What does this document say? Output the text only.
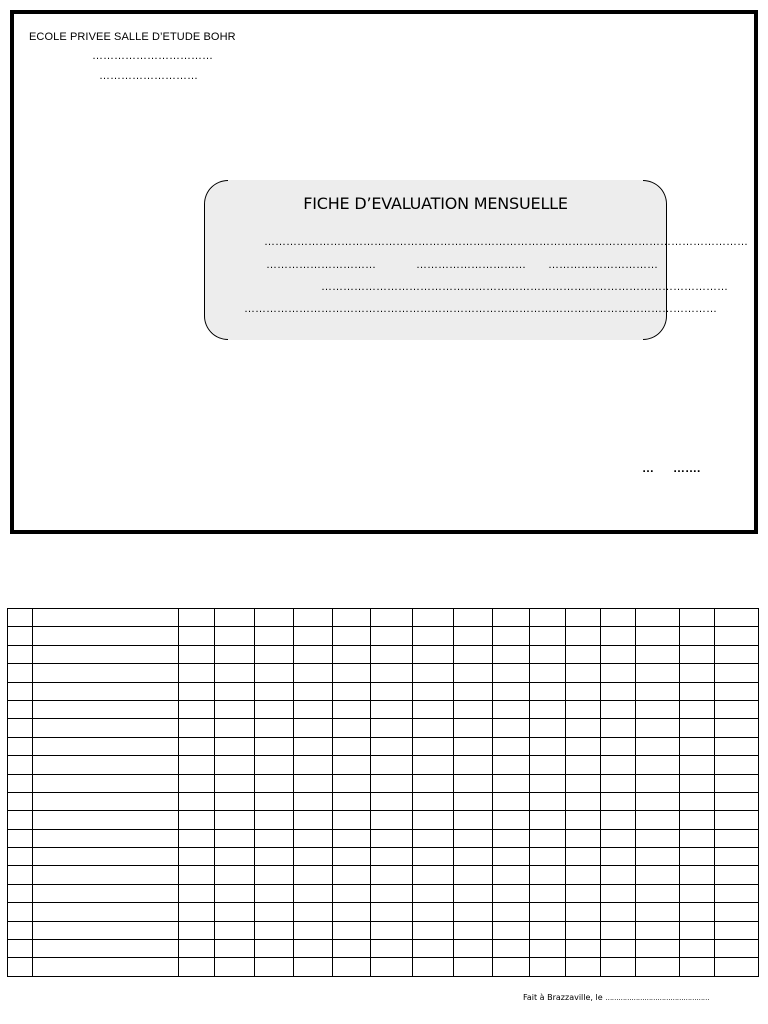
ECOLE PRIVEE SALLE D’ETUDE BOHR
……………………………
………………………
FICHE D’EVALUATION MENSUELLE
……………………………………………………………………………………………………………………
…………………………	………………………… …………………………
…………………………………………………………………………………………………
…………………………………………………………………………………………………………………
… …….

Fait à Brazzaville, le …………………………………………
